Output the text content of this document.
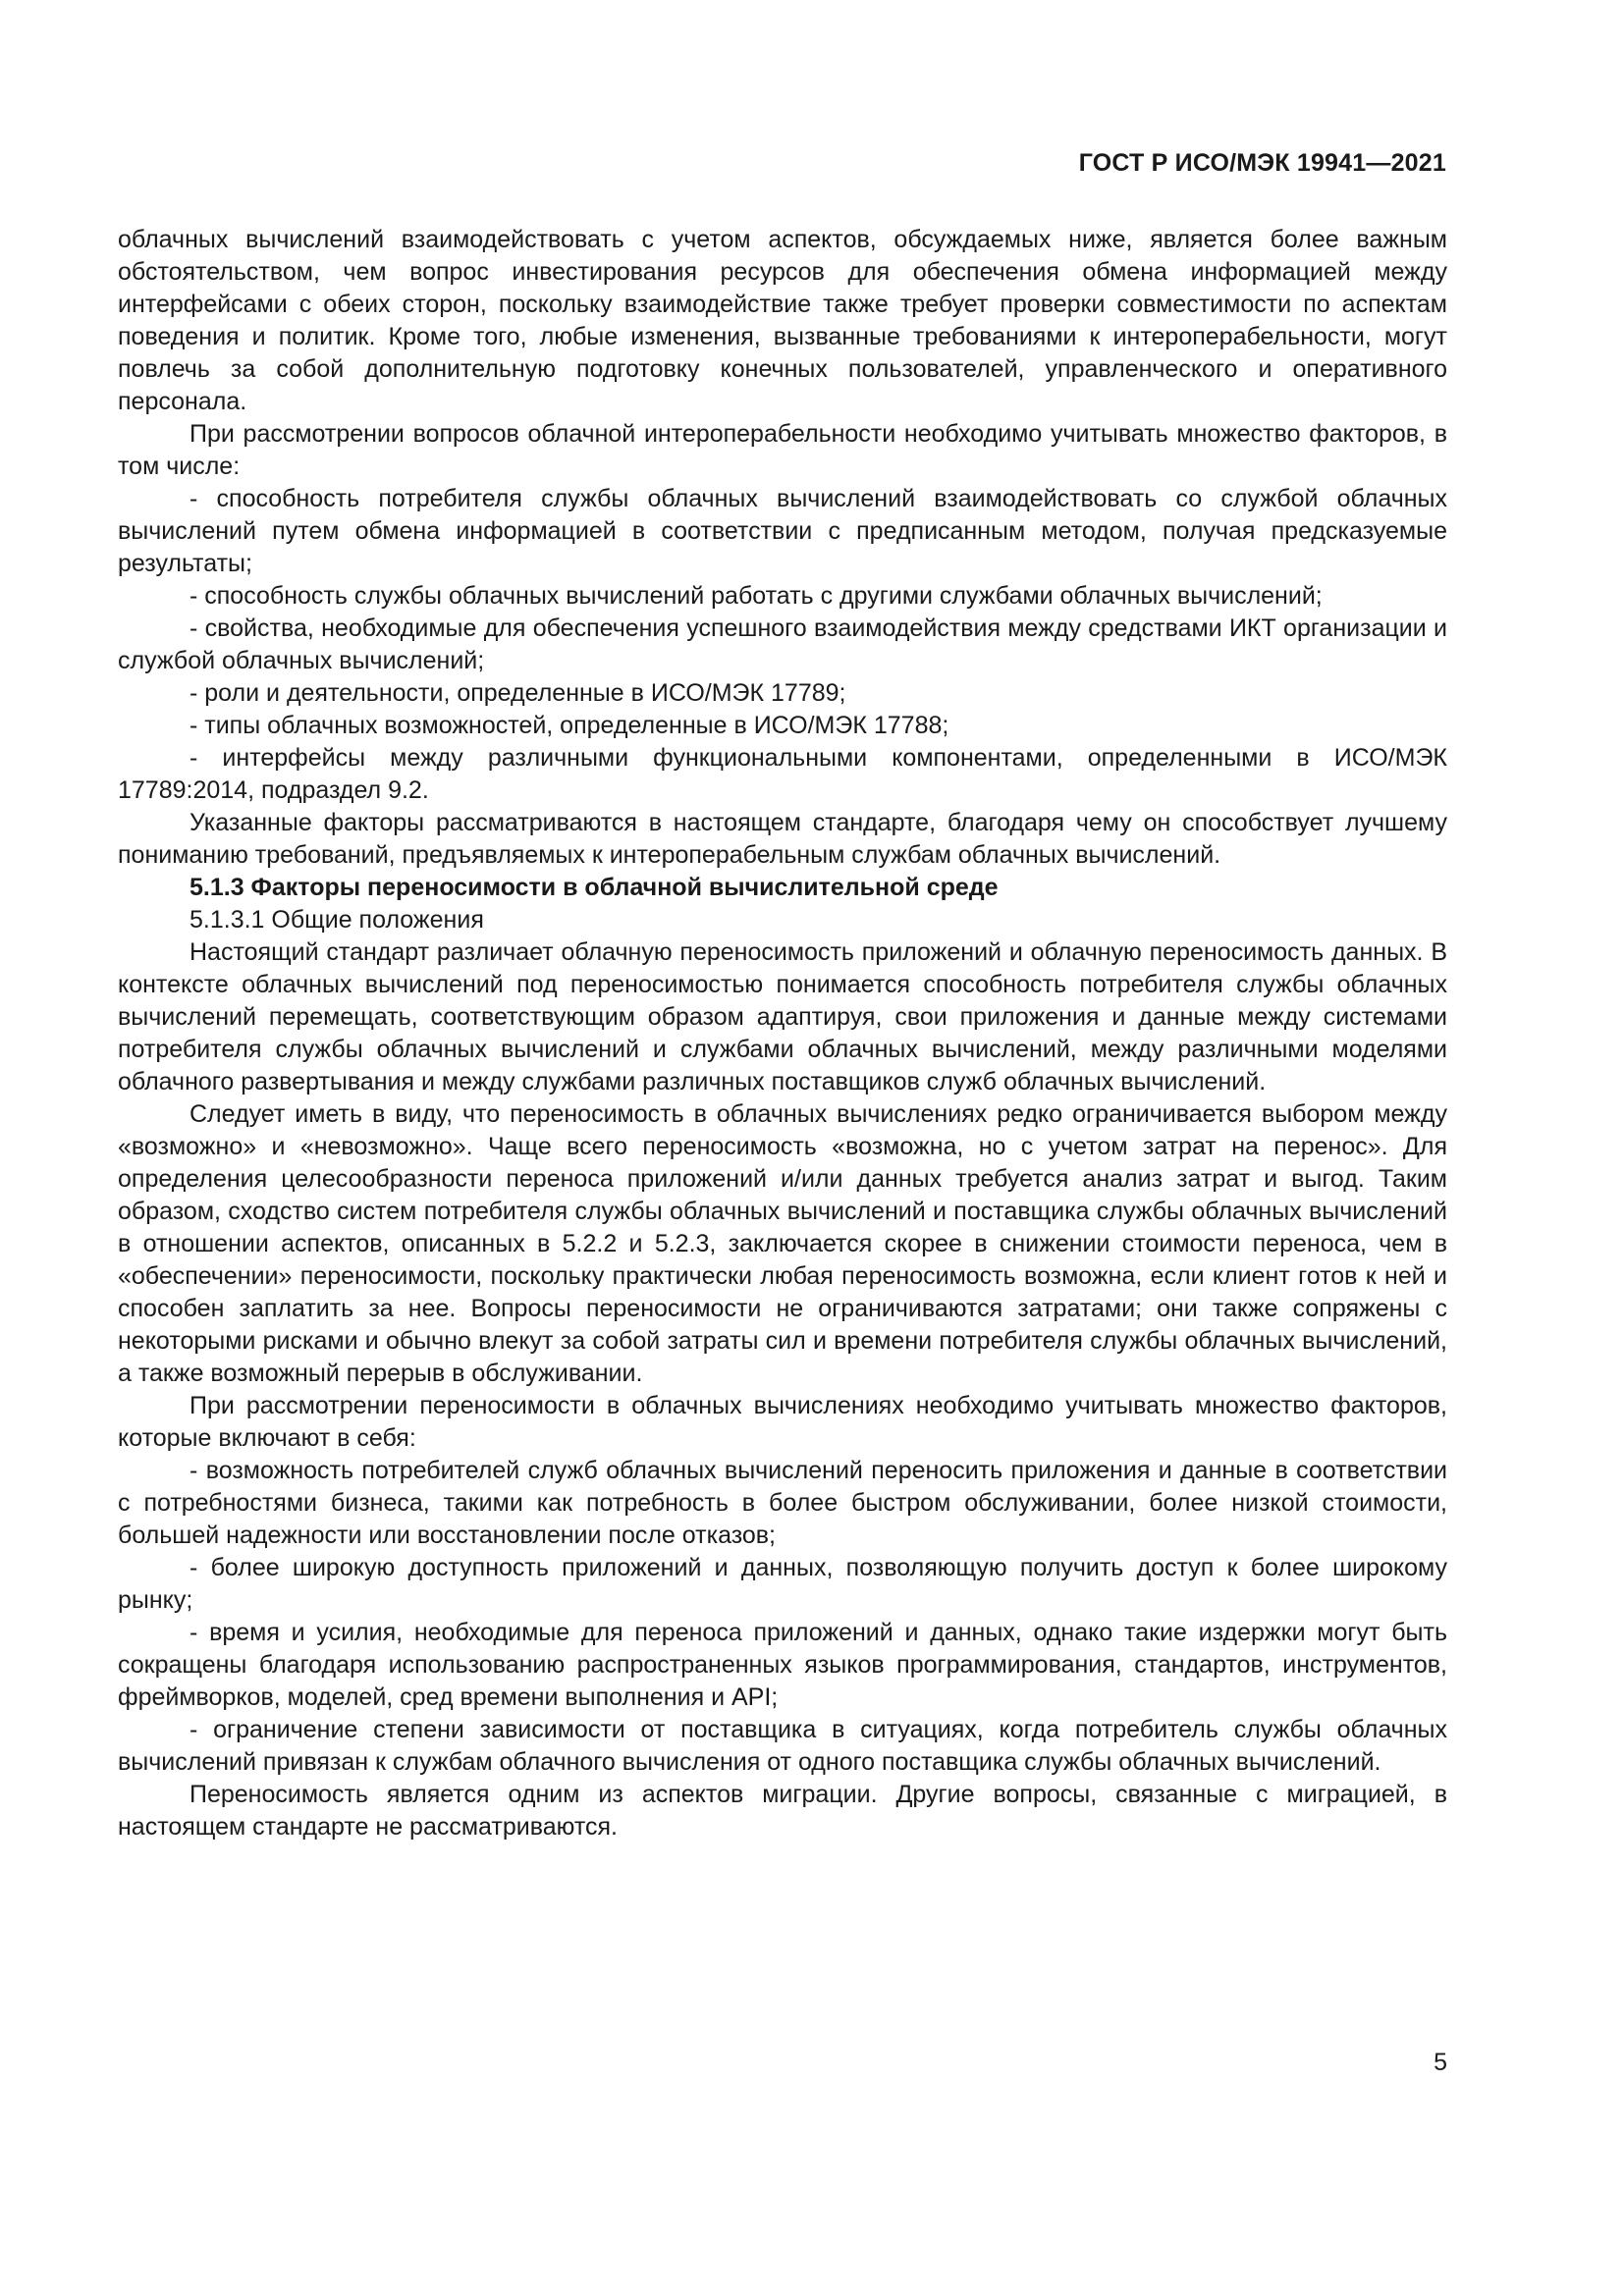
ГОСТ Р ИСО/МЭК 19941—2021

облачных вычислений взаимодействовать с учетом аспектов, обсуждаемых ниже, является более важным обстоятельством, чем вопрос инвестирования ресурсов для обеспечения обмена информацией между интерфейсами с обеих сторон, поскольку взаимодействие также требует проверки совместимости по аспектам поведения и политик. Кроме того, любые изменения, вызванные требованиями к интероперабельности, могут повлечь за собой дополнительную подготовку конечных пользователей, управленческого и оперативного персонала.

При рассмотрении вопросов облачной интероперабельности необходимо учитывать множество факторов, в том числе:

- способность потребителя службы облачных вычислений взаимодействовать со службой облачных вычислений путем обмена информацией в соответствии с предписанным методом, получая предсказуемые результаты;

- способность службы облачных вычислений работать с другими службами облачных вычислений;

- свойства, необходимые для обеспечения успешного взаимодействия между средствами ИКТ организации и службой облачных вычислений;

- роли и деятельности, определенные в ИСО/МЭК 17789;

- типы облачных возможностей, определенные в ИСО/МЭК 17788;

- интерфейсы между различными функциональными компонентами, определенными в ИСО/МЭК 17789:2014, подраздел 9.2.

Указанные факторы рассматриваются в настоящем стандарте, благодаря чему он способствует лучшему пониманию требований, предъявляемых к интероперабельным службам облачных вычислений.

5.1.3 Факторы переносимости в облачной вычислительной среде

5.1.3.1 Общие положения

Настоящий стандарт различает облачную переносимость приложений и облачную переносимость данных. В контексте облачных вычислений под переносимостью понимается способность потребителя службы облачных вычислений перемещать, соответствующим образом адаптируя, свои приложения и данные между системами потребителя службы облачных вычислений и службами облачных вычислений, между различными моделями облачного развертывания и между службами различных поставщиков служб облачных вычислений.

Следует иметь в виду, что переносимость в облачных вычислениях редко ограничивается выбором между «возможно» и «невозможно». Чаще всего переносимость «возможна, но с учетом затрат на перенос». Для определения целесообразности переноса приложений и/или данных требуется анализ затрат и выгод. Таким образом, сходство систем потребителя службы облачных вычислений и поставщика службы облачных вычислений в отношении аспектов, описанных в 5.2.2 и 5.2.3, заключается скорее в снижении стоимости переноса, чем в «обеспечении» переносимости, поскольку практически любая переносимость возможна, если клиент готов к ней и способен заплатить за нее. Вопросы переносимости не ограничиваются затратами; они также сопряжены с некоторыми рисками и обычно влекут за собой затраты сил и времени потребителя службы облачных вычислений, а также возможный перерыв в обслуживании.

При рассмотрении переносимости в облачных вычислениях необходимо учитывать множество факторов, которые включают в себя:

- возможность потребителей служб облачных вычислений переносить приложения и данные в соответствии с потребностями бизнеса, такими как потребность в более быстром обслуживании, более низкой стоимости, большей надежности или восстановлении после отказов;

- более широкую доступность приложений и данных, позволяющую получить доступ к более широкому рынку;

- время и усилия, необходимые для переноса приложений и данных, однако такие издержки могут быть сокращены благодаря использованию распространенных языков программирования, стандартов, инструментов, фреймворков, моделей, сред времени выполнения и API;

- ограничение степени зависимости от поставщика в ситуациях, когда потребитель службы облачных вычислений привязан к службам облачного вычисления от одного поставщика службы облачных вычислений.

Переносимость является одним из аспектов миграции. Другие вопросы, связанные с миграцией, в настоящем стандарте не рассматриваются.

5
